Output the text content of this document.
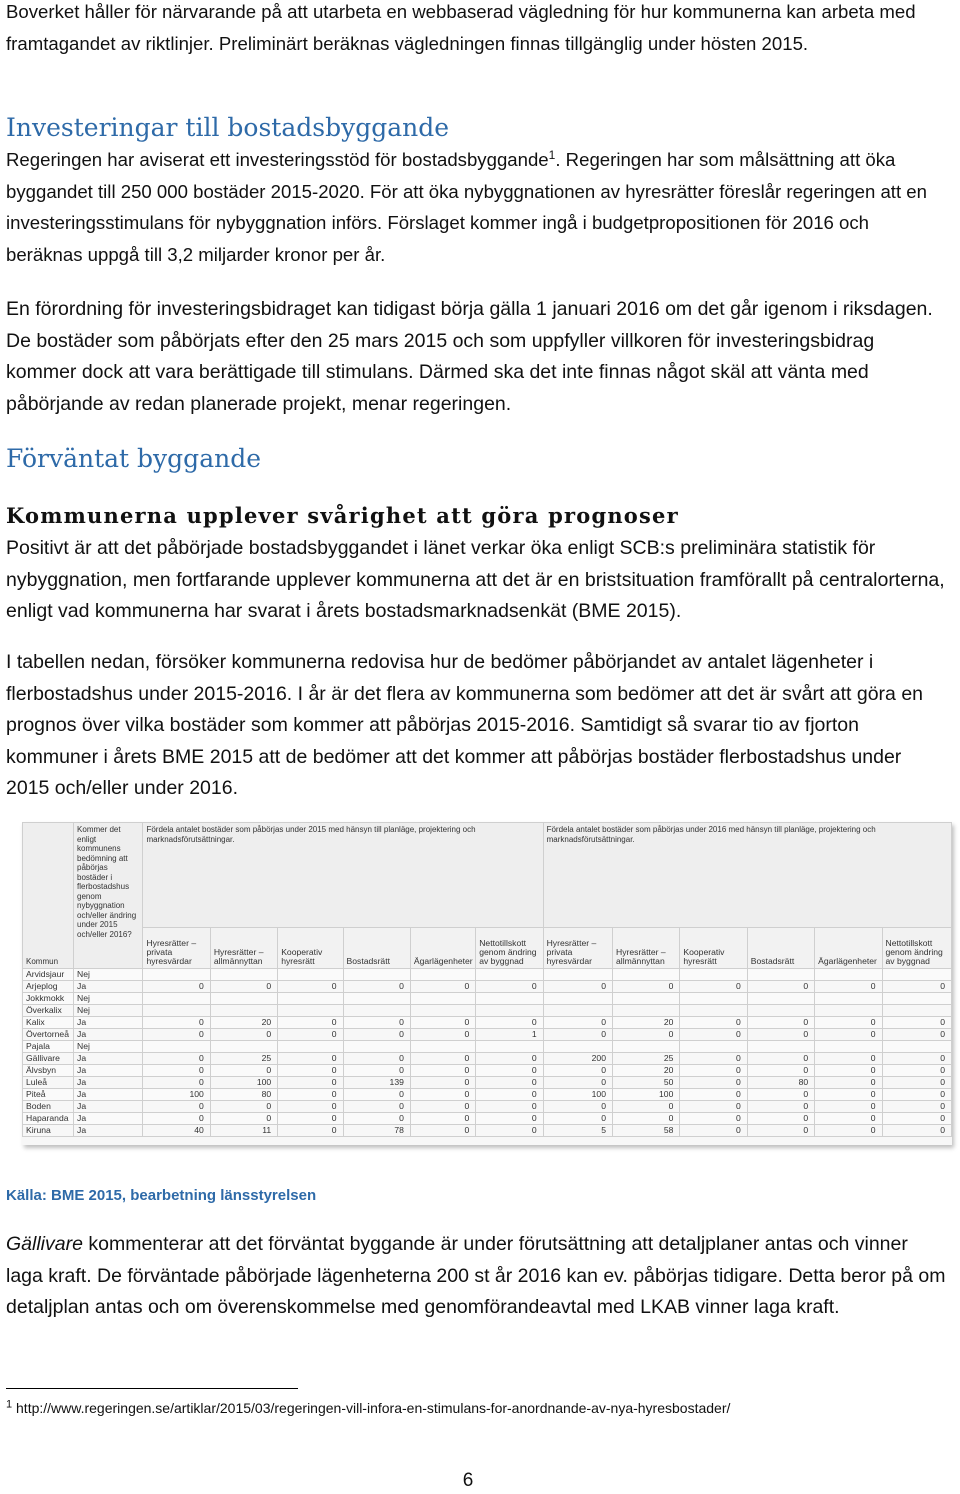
Boverket håller för närvarande på att utarbeta en webbaserad vägledning för hur kommunerna kan arbeta med framtagandet av riktlinjer. Preliminärt beräknas vägledningen finnas tillgänglig under hösten 2015.

Investeringar till bostadsbyggande

Regeringen har aviserat ett investeringsstöd för bostadsbyggande$^1$. Regeringen har som målsättning att öka byggandet till 250 000 bostäder 2015-2020. För att öka nybyggnationen av hyresrätter föreslår regeringen att en investeringsstimulans för nybyggnation införs. Förslaget kommer ingå i budgetpropositionen för 2016 och beräknas uppgå till 3,2 miljarder kronor per år.

En förordning för investeringsbidraget kan tidigast börja gälla 1 januari 2016 om det går igenom i riksdagen. De bostäder som påbörjats efter den 25 mars 2015 och som uppfyller villkoren för investeringsbidrag kommer dock att vara berättigade till stimulans. Därmed ska det inte finnas något skäl att vänta med påbörjande av redan planerade projekt, menar regeringen.

Förväntat byggande
Kommunerna upplever svårighet att göra prognoser

Positivt är att det påbörjade bostadsbyggandet i länet verkar öka enligt SCB:s preliminära statistik för nybyggnation, men fortfarande upplever kommunerna att det är en bristsituation framförallt på centralorterna, enligt vad kommunerna har svarat i årets bostadsmarknadsenkät (BME 2015).

I tabellen nedan, försöker kommunerna redovisa hur de bedömer påbörjandet av antalet lägenheter i flerbostadshus under 2015-2016. I år är det flera av kommunerna som bedömer att det är svårt att göra en prognos över vilka bostäder som kommer att påbörjas 2015-2016. Samtidigt så svarar tio av fjorton kommuner i årets BME 2015 att de bedömer att det kommer att påbörjas bostäder flerbostadshus under 2015 och/eller under 2016.

Kommun	Kommer det enligt kommunens bedömning att påbörjas bostäder i flerbostadshus genom nybyggnation och/eller ändring under 2015 och/eller 2016?	Fördela antalet bostäder som påbörjas under 2015 med hänsyn till planläge, projektering och marknadsförutsättningar.						Fördela antalet bostäder som påbörjas under 2016 med hänsyn till planläge, projektering och marknadsförutsättningar.					
		Hyresrätter – privata hyresvärdar	Hyresrätter – allmännyttan	Kooperativ hyresrätt	Bostadsrätt	Ägarlägenheter	Nettotillskott genom ändring av byggnad	Hyresrätter – privata hyresvärdar	Hyresrätter – allmännyttan	Kooperativ hyresrätt	Bostadsrätt	Ägarlägenheter	Nettotillskott genom ändring av byggnad
Arvidsjaur	Nej												
Arjeplog	Ja	0	0	0	0	0	0	0	0	0	0	0	0
Jokkmokk	Nej												
Överkalix	Nej												
Kalix	Ja	0	20	0	0	0	0	0	20	0	0	0	0
Övertorneå	Ja	0	0	0	0	0	1	0	0	0	0	0	0
Pajala	Nej												
Gällivare	Ja	0	25	0	0	0	0	200	25	0	0	0	0
Älvsbyn	Ja	0	0	0	0	0	0	0	20	0	0	0	0
Luleå	Ja	0	100	0	139	0	0	0	50	0	80	0	0
Piteå	Ja	100	80	0	0	0	0	100	100	0	0	0	0
Boden	Ja	0	0	0	0	0	0	0	0	0	0	0	0
Haparanda	Ja	0	0	0	0	0	0	0	0	0	0	0	0
Kiruna	Ja	40	11	0	78	0	0	5	58	0	0	0	0

Källa: BME 2015, bearbetning länsstyrelsen

Gällivare kommenterar att det förväntat byggande är under förutsättning att detaljplaner antas och vinner laga kraft. De förväntade påbörjade lägenheterna 200 st år 2016 kan ev. påbörjas tidigare. Detta beror på om detaljplan antas och om överenskommelse med genomförandeavtal med LKAB vinner laga kraft.

$^1$ http://www.regeringen.se/artiklar/2015/03/regeringen-vill-infora-en-stimulans-for-anordnande-av-nya-hyresbostader/

6
